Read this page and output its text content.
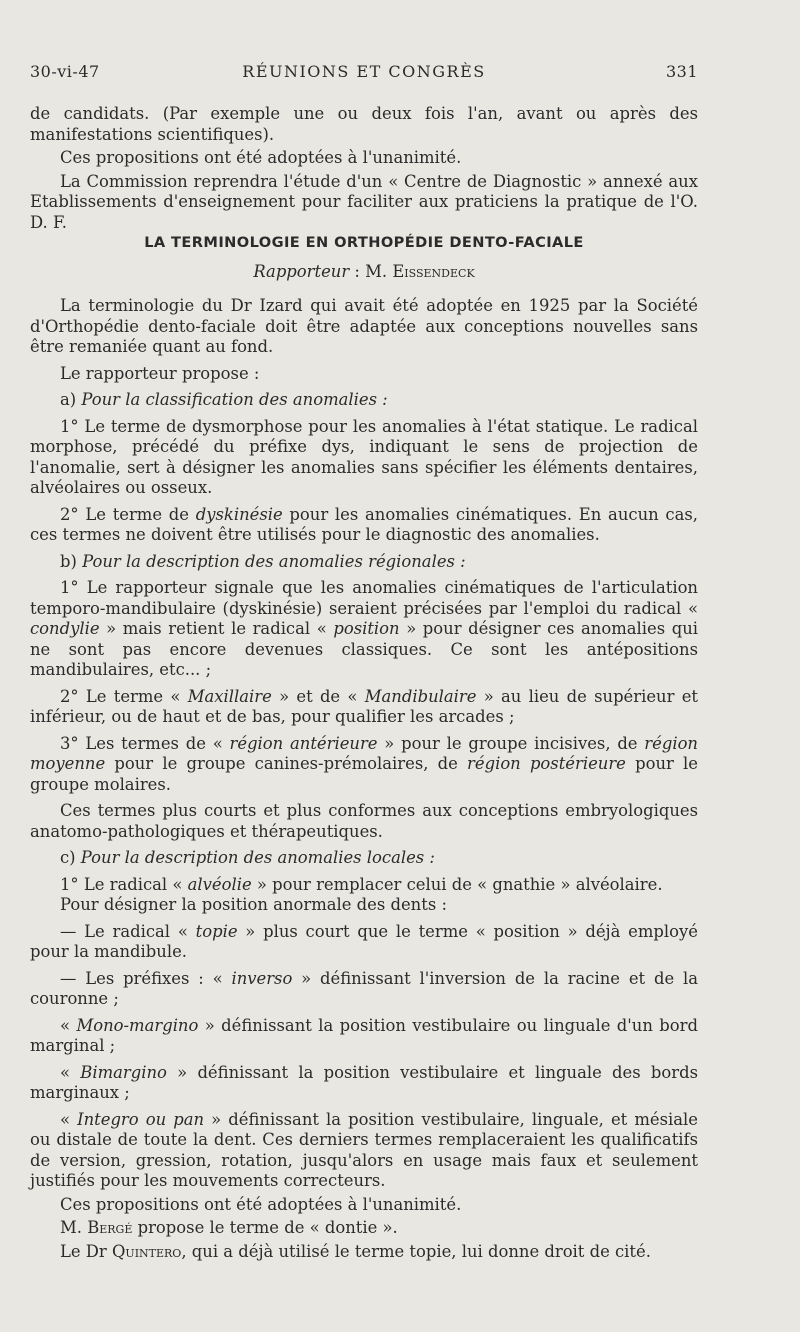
30-vi-47	RÉUNIONS ET CONGRÈS	331

de candidats. (Par exemple une ou deux fois l'an, avant ou après des manifestations scientifiques).

Ces propositions ont été adoptées à l'unanimité.

La Commission reprendra l'étude d'un « Centre de Diagnostic » annexé aux Etablissements d'enseignement pour faciliter aux praticiens la pratique de l'O. D. F.

LA TERMINOLOGIE EN ORTHOPÉDIE DENTO-FACIALE

Rapporteur : M. Eissendeck

La terminologie du Dr Izard qui avait été adoptée en 1925 par la Société d'Orthopédie dento-faciale doit être adaptée aux conceptions nouvelles sans être remaniée quant au fond.

Le rapporteur propose :

a) Pour la classification des anomalies :

1° Le terme de dysmorphose pour les anomalies à l'état statique. Le radical morphose, précédé du préfixe dys, indiquant le sens de projection de l'anomalie, sert à désigner les anomalies sans spécifier les éléments dentaires, alvéolaires ou osseux.

2° Le terme de dyskinésie pour les anomalies cinématiques. En aucun cas, ces termes ne doivent être utilisés pour le diagnostic des anomalies.

b) Pour la description des anomalies régionales :

1° Le rapporteur signale que les anomalies cinématiques de l'articulation temporo-mandibulaire (dyskinésie) seraient précisées par l'emploi du radical « condylie » mais retient le radical « position » pour désigner ces anomalies qui ne sont pas encore devenues classiques. Ce sont les antépositions mandibulaires, etc... ;

2° Le terme « Maxillaire » et de « Mandibulaire » au lieu de supérieur et inférieur, ou de haut et de bas, pour qualifier les arcades ;

3° Les termes de « région antérieure » pour le groupe incisives, de région moyenne pour le groupe canines-prémolaires, de région postérieure pour le groupe molaires.

Ces termes plus courts et plus conformes aux conceptions embryologiques anatomo-pathologiques et thérapeutiques.

c) Pour la description des anomalies locales :

1° Le radical « alvéolie » pour remplacer celui de « gnathie » alvéolaire.

Pour désigner la position anormale des dents :

— Le radical « topie » plus court que le terme « position » déjà employé pour la mandibule.

— Les préfixes : « inverso » définissant l'inversion de la racine et de la couronne ;

« Mono-margino » définissant la position vestibulaire ou linguale d'un bord marginal ;

« Bimargino » définissant la position vestibulaire et linguale des bords marginaux ;

« Integro ou pan » définissant la position vestibulaire, linguale, et mésiale ou distale de toute la dent. Ces derniers termes remplaceraient les qualificatifs de version, gression, rotation, jusqu'alors en usage mais faux et seulement justifiés pour les mouvements correcteurs.

Ces propositions ont été adoptées à l'unanimité.

M. Bergé propose le terme de « dontie ».

Le Dr Quintero, qui a déjà utilisé le terme topie, lui donne droit de cité.
